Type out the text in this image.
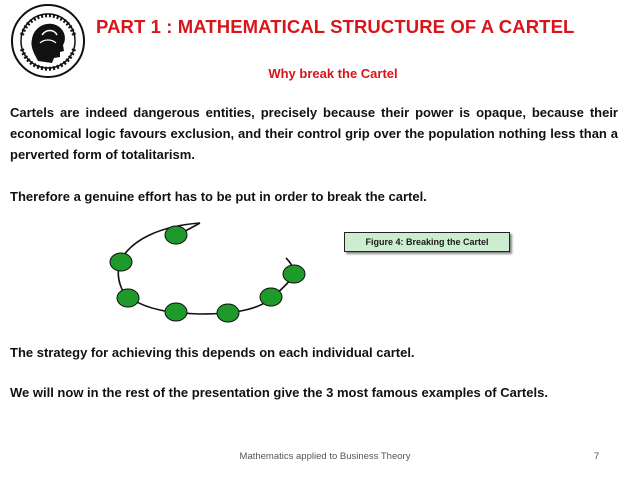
PART 1 : MATHEMATICAL STRUCTURE OF A CARTEL
Why break the Cartel

Cartels are indeed dangerous entities, precisely because their power is opaque, because their economical logic favours exclusion, and their control grip over the population nothing less than a perverted form of totalitarism.

Therefore a genuine effort has to be put in order to break the cartel.

Figure 4: Breaking the Cartel

The strategy for achieving this depends on each individual cartel.

We will now in the rest of the presentation give the 3 most famous examples of Cartels.

Mathematics applied to Business Theory	7
